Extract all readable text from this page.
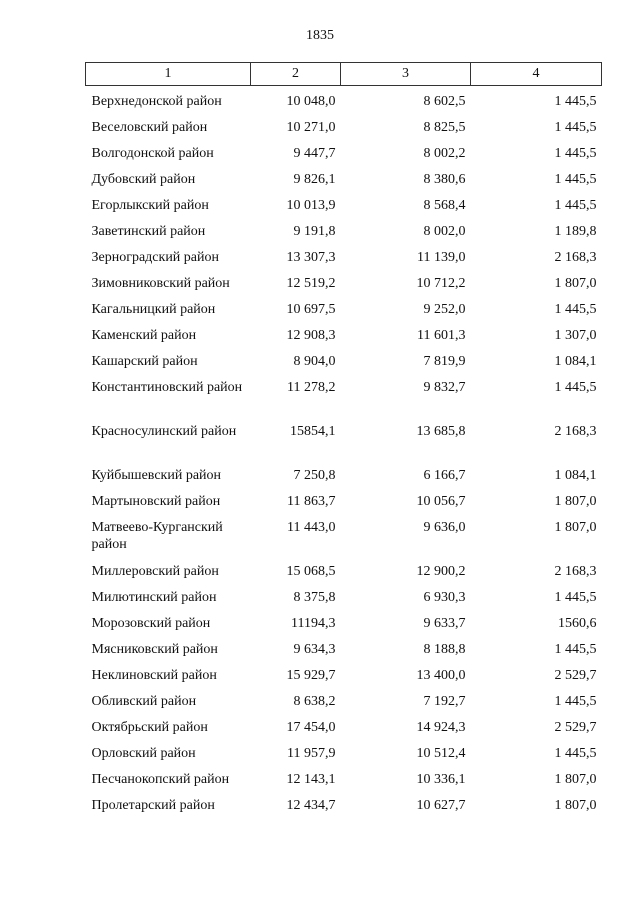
1835
1	2	3	4
Верхнедонской район	10 048,0	8 602,5	1 445,5
Веселовский район	10 271,0	8 825,5	1 445,5
Волгодонской район	9 447,7	8 002,2	1 445,5
Дубовский район	9 826,1	8 380,6	1 445,5
Егорлыкский район	10 013,9	8 568,4	1 445,5
Заветинский район	9 191,8	8 002,0	1 189,8
Зерноградский район	13 307,3	11 139,0	2 168,3
Зимовниковский район	12 519,2	10 712,2	1 807,0
Кагальницкий район	10 697,5	9 252,0	1 445,5
Каменский район	12 908,3	11 601,3	1 307,0
Кашарский район	8 904,0	7 819,9	1 084,1
Константиновский район	11 278,2	9 832,7	1 445,5
Красносулинский район	15854,1	13 685,8	2 168,3
Куйбышевский район	7 250,8	6 166,7	1 084,1
Мартыновский район	11 863,7	10 056,7	1 807,0
Матвеево-Курганский район	11 443,0	9 636,0	1 807,0
Миллеровский район	15 068,5	12 900,2	2 168,3
Милютинский район	8 375,8	6 930,3	1 445,5
Морозовский район	11194,3	9 633,7	1560,6
Мясниковский район	9 634,3	8 188,8	1 445,5
Неклиновский район	15 929,7	13 400,0	2 529,7
Обливский район	8 638,2	7 192,7	1 445,5
Октябрьский район	17 454,0	14 924,3	2 529,7
Орловский район	11 957,9	10 512,4	1 445,5
Песчанокопский район	12 143,1	10 336,1	1 807,0
Пролетарский район	12 434,7	10 627,7	1 807,0
